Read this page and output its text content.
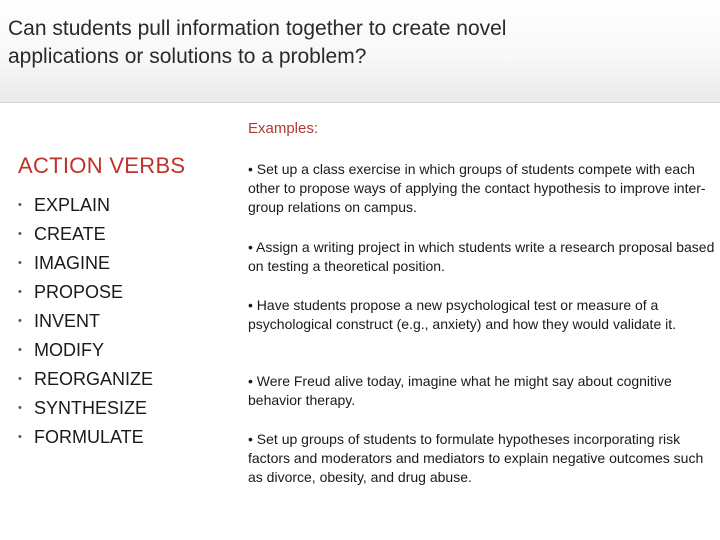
Can students pull information together to create novel applications or solutions to a problem?
Examples:
ACTION VERBS
• EXPLAIN
• CREATE
• IMAGINE
• PROPOSE
• INVENT
• MODIFY
• REORGANIZE
• SYNTHESIZE
• FORMULATE

• Set up a class exercise in which groups of students compete with each other to propose ways of applying the contact hypothesis to improve inter-group relations on campus.

• Assign a writing project in which students write a research proposal based on testing a theoretical position.

• Have students propose a new psychological test or measure of a psychological construct (e.g., anxiety) and how they would validate it.

• Were Freud alive today, imagine what he might say about cognitive behavior therapy.

• Set up groups of students to formulate hypotheses incorporating risk factors and moderators and mediators to explain negative outcomes such as divorce, obesity, and drug abuse.
